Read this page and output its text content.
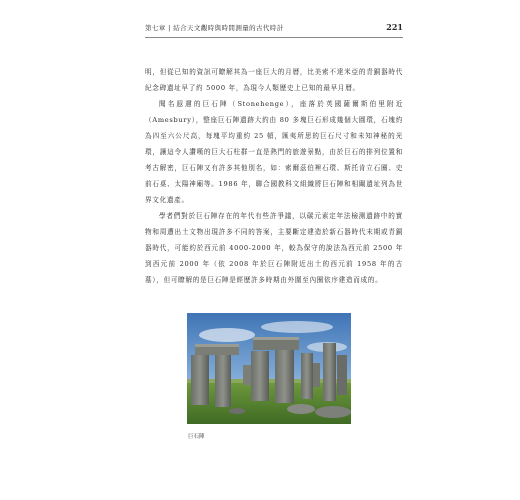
第七章 | 結合天文觀時與時間測量的古代時計	221

明，但從已知的資訊可瞭解其為一座巨大的月曆，比美索不達米亞的青銅器時代紀念碑遺址早了約 5000 年，為現今人類歷史上已知的最早月曆。

聞名遐邇的巨石陣（Stonehenge），座落於英國薩爾斯伯里附近（Amesbury），整座巨石陣遺跡大約由 80 多塊巨石形成幾個大圓環，石塊約為四至六公尺高，每塊平均重約 25 頓，匯夷所思的巨石尺寸和未知神秘的光環，讓這令人讚嘆的巨大石柱群一直是熱門的旅遊景點，由於巨石的排列位置和考古解密，巨石陣又有許多其他別名，如：索爾茲伯裡石環、斯托肯立石圈、史前石桌、太陽神廟等。1986 年，聯合國教科文組織將巨石陣和相關遺址列為世界文化遺產。

學者們對於巨石陣存在的年代有些許爭議，以碳元素定年法檢測遺跡中的實物和周遭出土文物出現許多不同的答案，主要斷定建造於新石器時代末期或青銅器時代，可能約於西元前 4000-2000 年，較為保守的說法為西元前 2500 年到西元前 2000 年（依 2008 年於巨石陣附近出土的西元前 1958 年的古墓），但可瞭解的是巨石陣是經歷許多時期由外圍至內圈依序建造而成的。

巨石陣
